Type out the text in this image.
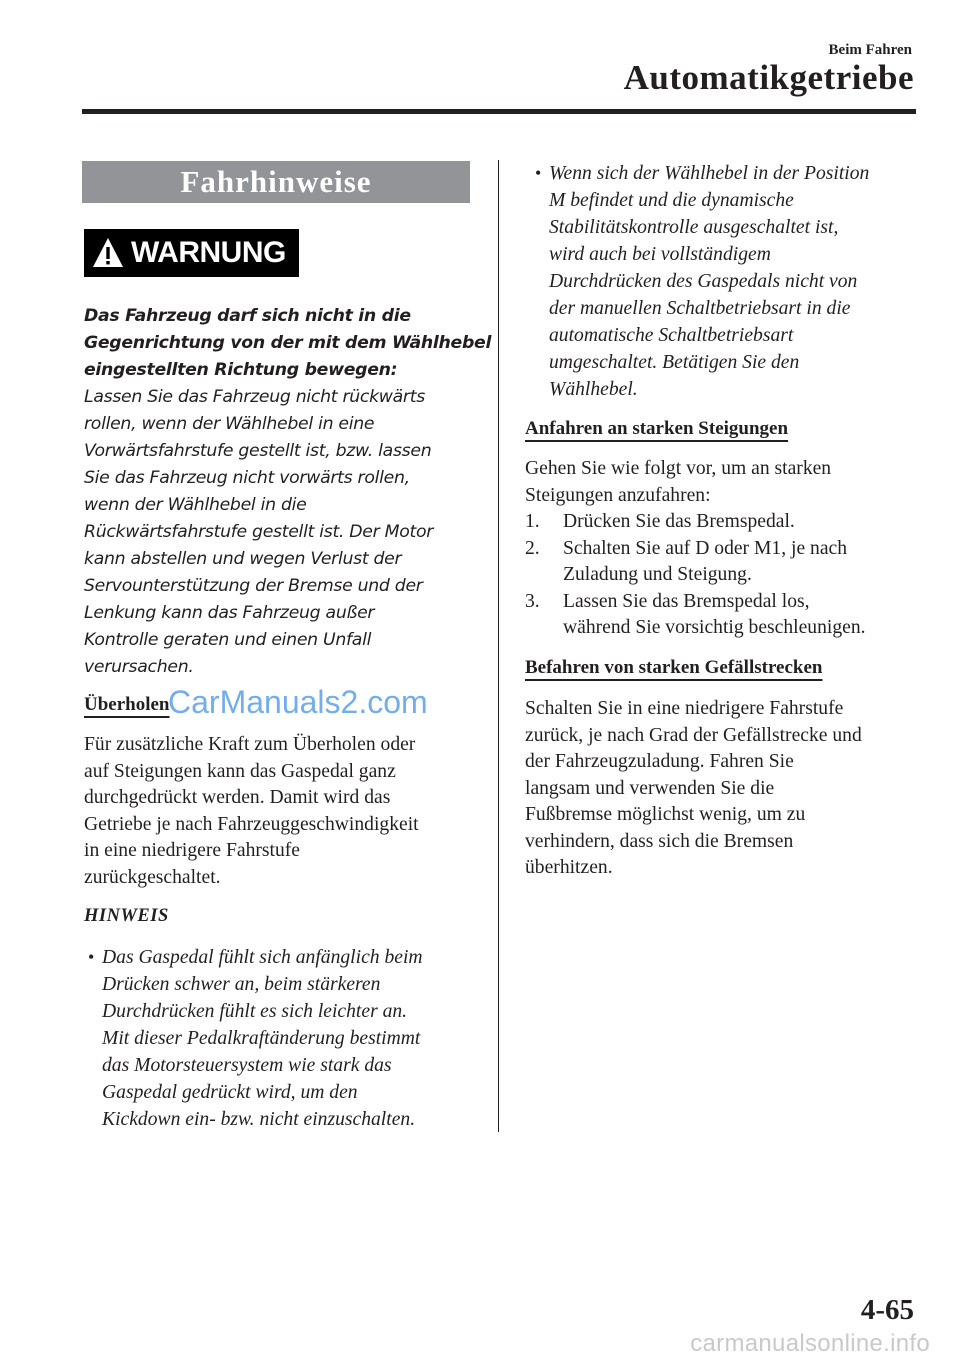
Beim Fahren
Automatikgetriebe
Fahrhinweise
WARNUNG
Das Fahrzeug darf sich nicht in die
Gegenrichtung von der mit dem Wählhebel
eingestellten Richtung bewegen:
Lassen Sie das Fahrzeug nicht rückwärts
rollen, wenn der Wählhebel in eine
Vorwärtsfahrstufe gestellt ist, bzw. lassen
Sie das Fahrzeug nicht vorwärts rollen,
wenn der Wählhebel in die
Rückwärtsfahrstufe gestellt ist. Der Motor
kann abstellen und wegen Verlust der
Servounterstützung der Bremse und der
Lenkung kann das Fahrzeug außer
Kontrolle geraten und einen Unfall
verursachen.
Überholen
CarManuals2.com
Für zusätzliche Kraft zum Überholen oder
auf Steigungen kann das Gaspedal ganz
durchgedrückt werden. Damit wird das
Getriebe je nach Fahrzeuggeschwindigkeit
in eine niedrigere Fahrstufe
zurückgeschaltet.
HINWEIS
• Das Gaspedal fühlt sich anfänglich beim
Drücken schwer an, beim stärkeren
Durchdrücken fühlt es sich leichter an.
Mit dieser Pedalkraftänderung bestimmt
das Motorsteuersystem wie stark das
Gaspedal gedrückt wird, um den
Kickdown ein- bzw. nicht einzuschalten.
• Wenn sich der Wählhebel in der Position
M befindet und die dynamische
Stabilitätskontrolle ausgeschaltet ist,
wird auch bei vollständigem
Durchdrücken des Gaspedals nicht von
der manuellen Schaltbetriebsart in die
automatische Schaltbetriebsart
umgeschaltet. Betätigen Sie den
Wählhebel.
Anfahren an starken Steigungen
Gehen Sie wie folgt vor, um an starken
Steigungen anzufahren:
1. Drücken Sie das Bremspedal.
2. Schalten Sie auf D oder M1, je nach
Zuladung und Steigung.
3. Lassen Sie das Bremspedal los,
während Sie vorsichtig beschleunigen.
Befahren von starken Gefällstrecken
Schalten Sie in eine niedrigere Fahrstufe
zurück, je nach Grad der Gefällstrecke und
der Fahrzeugzuladung. Fahren Sie
langsam und verwenden Sie die
Fußbremse möglichst wenig, um zu
verhindern, dass sich die Bremsen
überhitzen.
4-65
carmanualsonline.info
